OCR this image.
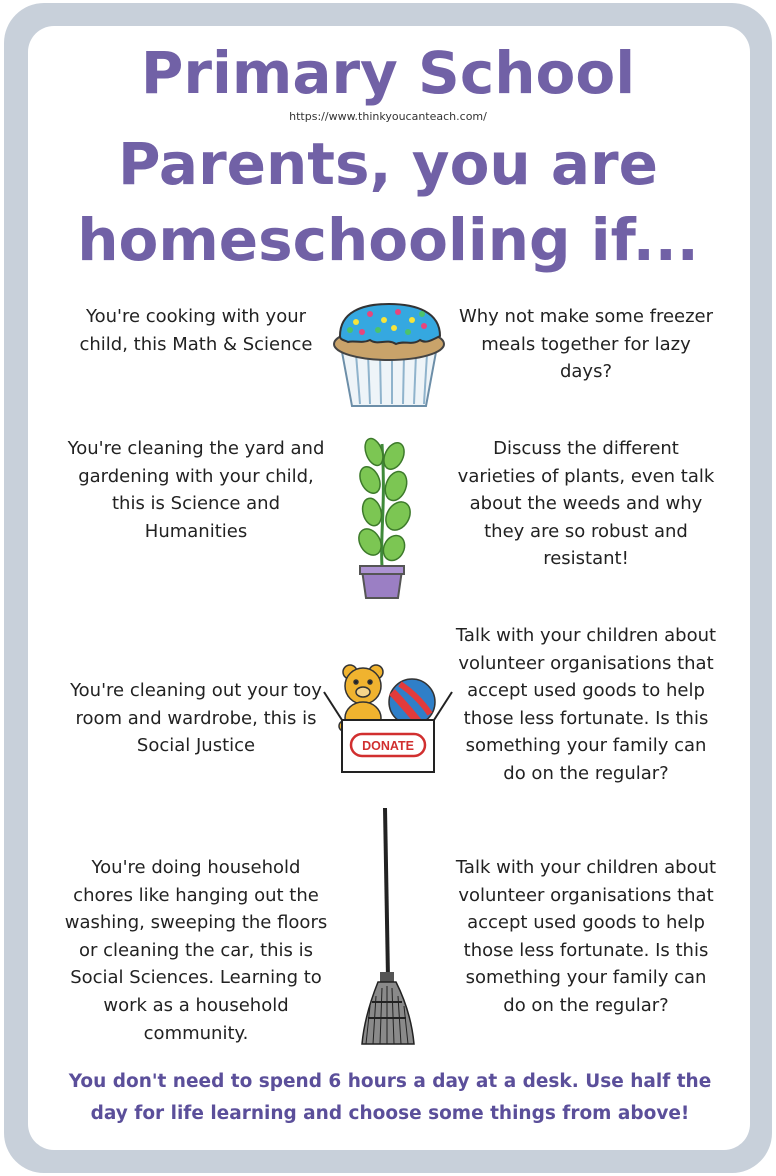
Primary School
https://www.thinkyoucanteach.com/
Parents, you are
homeschooling if...
You're cooking with your child, this Math & Science
Why not make some freezer meals together for lazy days?
You're cleaning the yard and gardening with your child, this is Science and Humanities
Discuss the different varieties of plants, even talk about the weeds and why they are so robust and resistant!
You're cleaning out your toy room and wardrobe, this is Social Justice
Talk with your children about volunteer organisations that accept used goods to help those less fortunate. Is this something your family can do on the regular?
You're doing household chores like hanging out the washing, sweeping the floors or cleaning the car, this is Social Sciences. Learning to work as a household community.
Talk with your children about volunteer organisations that accept used goods to help those less fortunate. Is this something your family can do on the regular?
DONATE
You don't need to spend 6 hours a day at a desk. Use half the day for life learning and choose some things from above!
